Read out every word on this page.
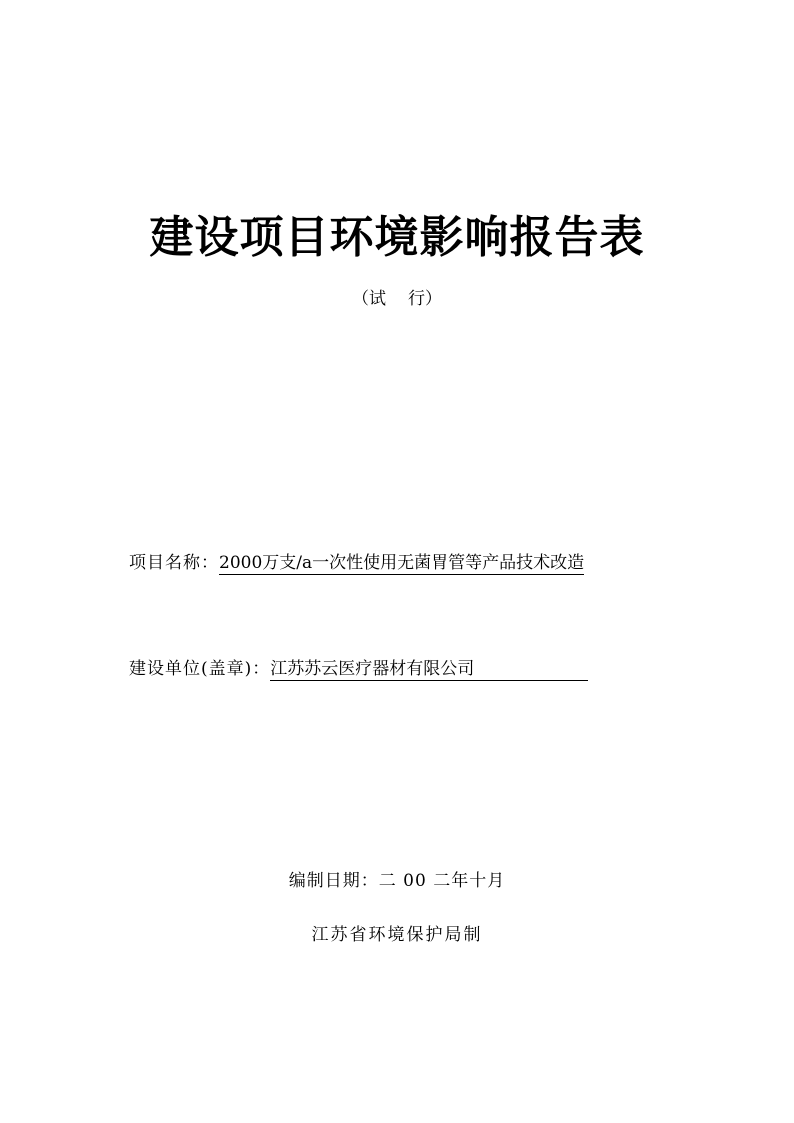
建设项目环境影响报告表
（试 行）
项目名称：2000万支/a一次性使用无菌胃管等产品技术改造
建设单位(盖章)：江苏苏云医疗器材有限公司
编制日期：二 00 二年十月
江苏省环境保护局制
